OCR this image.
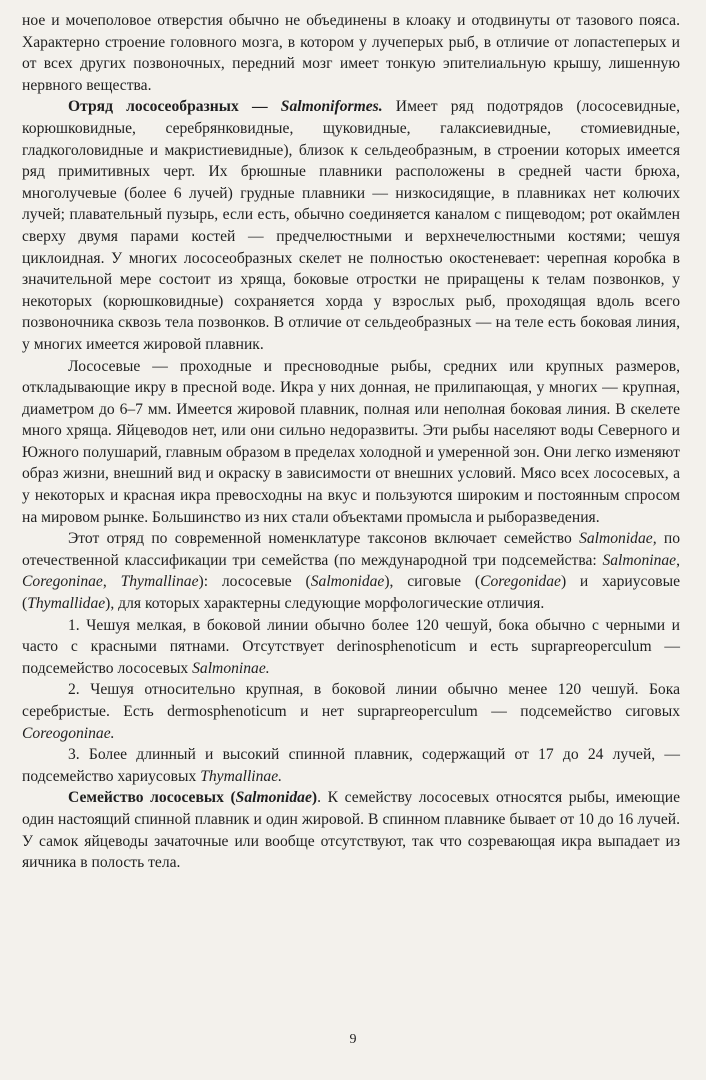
ное и мочеполовое отверстия обычно не объединены в клоаку и отодвинуты от тазового пояса. Характерно строение головного мозга, в котором у лучеперых рыб, в отличие от лопастеперых и от всех других позвоночных, передний мозг имеет тонкую эпителиальную крышу, лишенную нервного вещества.

Отряд лососеобразных — Salmoniformes. Имеет ряд подотрядов (лососевидные, корюшковидные, серебрянковидные, щуковидные, галаксиевидные, стомиевидные, гладкоголовидные и макристиевидные), близок к сельдеобразным, в строении которых имеется ряд примитивных черт. Их брюшные плавники расположены в средней части брюха, многолучевые (более 6 лучей) грудные плавники — низкосидящие, в плавниках нет колючих лучей; плавательный пузырь, если есть, обычно соединяется каналом с пищеводом; рот окаймлен сверху двумя парами костей — предчелюстными и верхнечелюстными костями; чешуя циклоидная. У многих лососеобразных скелет не полностью окостеневает: черепная коробка в значительной мере состоит из хряща, боковые отростки не приращены к телам позвонков, у некоторых (корюшковидные) сохраняется хорда у взрослых рыб, проходящая вдоль всего позвоночника сквозь тела позвонков. В отличие от сельдеобразных — на теле есть боковая линия, у многих имеется жировой плавник.

Лососевые — проходные и пресноводные рыбы, средних или крупных размеров, откладывающие икру в пресной воде. Икра у них донная, не прилипающая, у многих — крупная, диаметром до 6–7 мм. Имеется жировой плавник, полная или неполная боковая линия. В скелете много хряща. Яйцеводов нет, или они сильно недоразвиты. Эти рыбы населяют воды Северного и Южного полушарий, главным образом в пределах холодной и умеренной зон. Они легко изменяют образ жизни, внешний вид и окраску в зависимости от внешних условий. Мясо всех лососевых, а у некоторых и красная икра превосходны на вкус и пользуются широким и постоянным спросом на мировом рынке. Большинство из них стали объектами промысла и рыборазведения.

Этот отряд по современной номенклатуре таксонов включает семейство Salmonidae, по отечественной классификации три семейства (по международной три подсемейства: Salmoninae, Coregoninae, Thymallinae): лососевые (Salmonidae), сиговые (Coregonidae) и хариусовые (Thymallidae), для которых характерны следующие морфологические отличия.

1. Чешуя мелкая, в боковой линии обычно более 120 чешуй, бока обычно с черными и часто с красными пятнами. Отсутствует derinosphenoticum и есть suprapreoperculum — подсемейство лососевых Salmoninae.

2. Чешуя относительно крупная, в боковой линии обычно менее 120 чешуй. Бока серебристые. Есть dermosphenoticum и нет suprapreoperculum — подсемейство сиговых Coreogoninae.

3. Более длинный и высокий спинной плавник, содержащий от 17 до 24 лучей, — подсемейство хариусовых Thymallinae.

Семейство лососевых (Salmonidae). К семейству лососевых относятся рыбы, имеющие один настоящий спинной плавник и один жировой. В спинном плавнике бывает от 10 до 16 лучей. У самок яйцеводы зачаточные или вообще отсутствуют, так что созревающая икра выпадает из яичника в полость тела.

9
